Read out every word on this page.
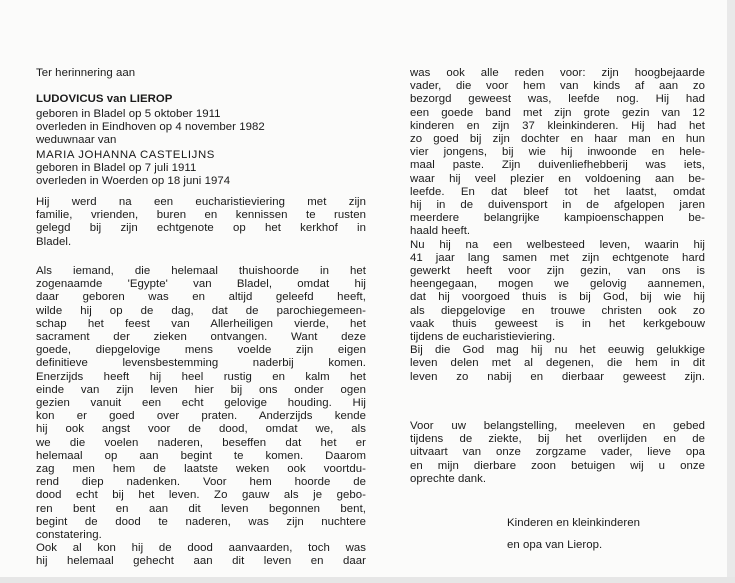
Ter herinnering aan
LUDOVICUS van LIEROP
geboren in Bladel op 5 oktober 1911
overleden in Eindhoven op 4 november 1982
weduwnaar van
MARIA JOHANNA CASTELIJNS
geboren in Bladel op 7 juli 1911
overleden in Woerden op 18 juni 1974
Hij werd na een eucharistieviering met zijn
familie, vrienden, buren en kennissen te rusten
gelegd bij zijn echtgenote op het kerkhof in
Bladel.
Als iemand, die helemaal thuishoorde in het
zogenaamde 'Egypte' van Bladel, omdat hij
daar geboren was en altijd geleefd heeft,
wilde hij op de dag, dat de parochiegemeen-
schap het feest van Allerheiligen vierde, het
sacrament der zieken ontvangen. Want deze
goede, diepgelovige mens voelde zijn eigen
definitieve levensbestemming naderbij komen.
Enerzijds heeft hij heel rustig en kalm het
einde van zijn leven hier bij ons onder ogen
gezien vanuit een echt gelovige houding. Hij
kon er goed over praten. Anderzijds kende
hij ook angst voor de dood, omdat we, als
we die voelen naderen, beseffen dat het er
helemaal op aan begint te komen. Daarom
zag men hem de laatste weken ook voortdu-
rend diep nadenken. Voor hem hoorde de
dood echt bij het leven. Zo gauw als je gebo-
ren bent en aan dit leven begonnen bent,
begint de dood te naderen, was zijn nuchtere
constatering.
Ook al kon hij de dood aanvaarden, toch was
hij helemaal gehecht aan dit leven en daar
was ook alle reden voor: zijn hoogbejaarde
vader, die voor hem van kinds af aan zo
bezorgd geweest was, leefde nog. Hij had
een goede band met zijn grote gezin van 12
kinderen en zijn 37 kleinkinderen. Hij had het
zo goed bij zijn dochter en haar man en hun
vier jongens, bij wie hij inwoonde en hele-
maal paste. Zijn duivenliefhebberij was iets,
waar hij veel plezier en voldoening aan be-
leefde. En dat bleef tot het laatst, omdat
hij in de duivensport in de afgelopen jaren
meerdere belangrijke kampioenschappen be-
haald heeft.
Nu hij na een welbesteed leven, waarin hij
41 jaar lang samen met zijn echtgenote hard
gewerkt heeft voor zijn gezin, van ons is
heengegaan, mogen we gelovig aannemen,
dat hij voorgoed thuis is bij God, bij wie hij
als diepgelovige en trouwe christen ook zo
vaak thuis geweest is in het kerkgebouw
tijdens de eucharistieviering.
Bij die God mag hij nu het eeuwig gelukkige
leven delen met al degenen, die hem in dit
leven zo nabij en dierbaar geweest zijn.
Voor uw belangstelling, meeleven en gebed
tijdens de ziekte, bij het overlijden en de
uitvaart van onze zorgzame vader, lieve opa
en mijn dierbare zoon betuigen wij u onze
oprechte dank.
Kinderen en kleinkinderen
en opa van Lierop.
